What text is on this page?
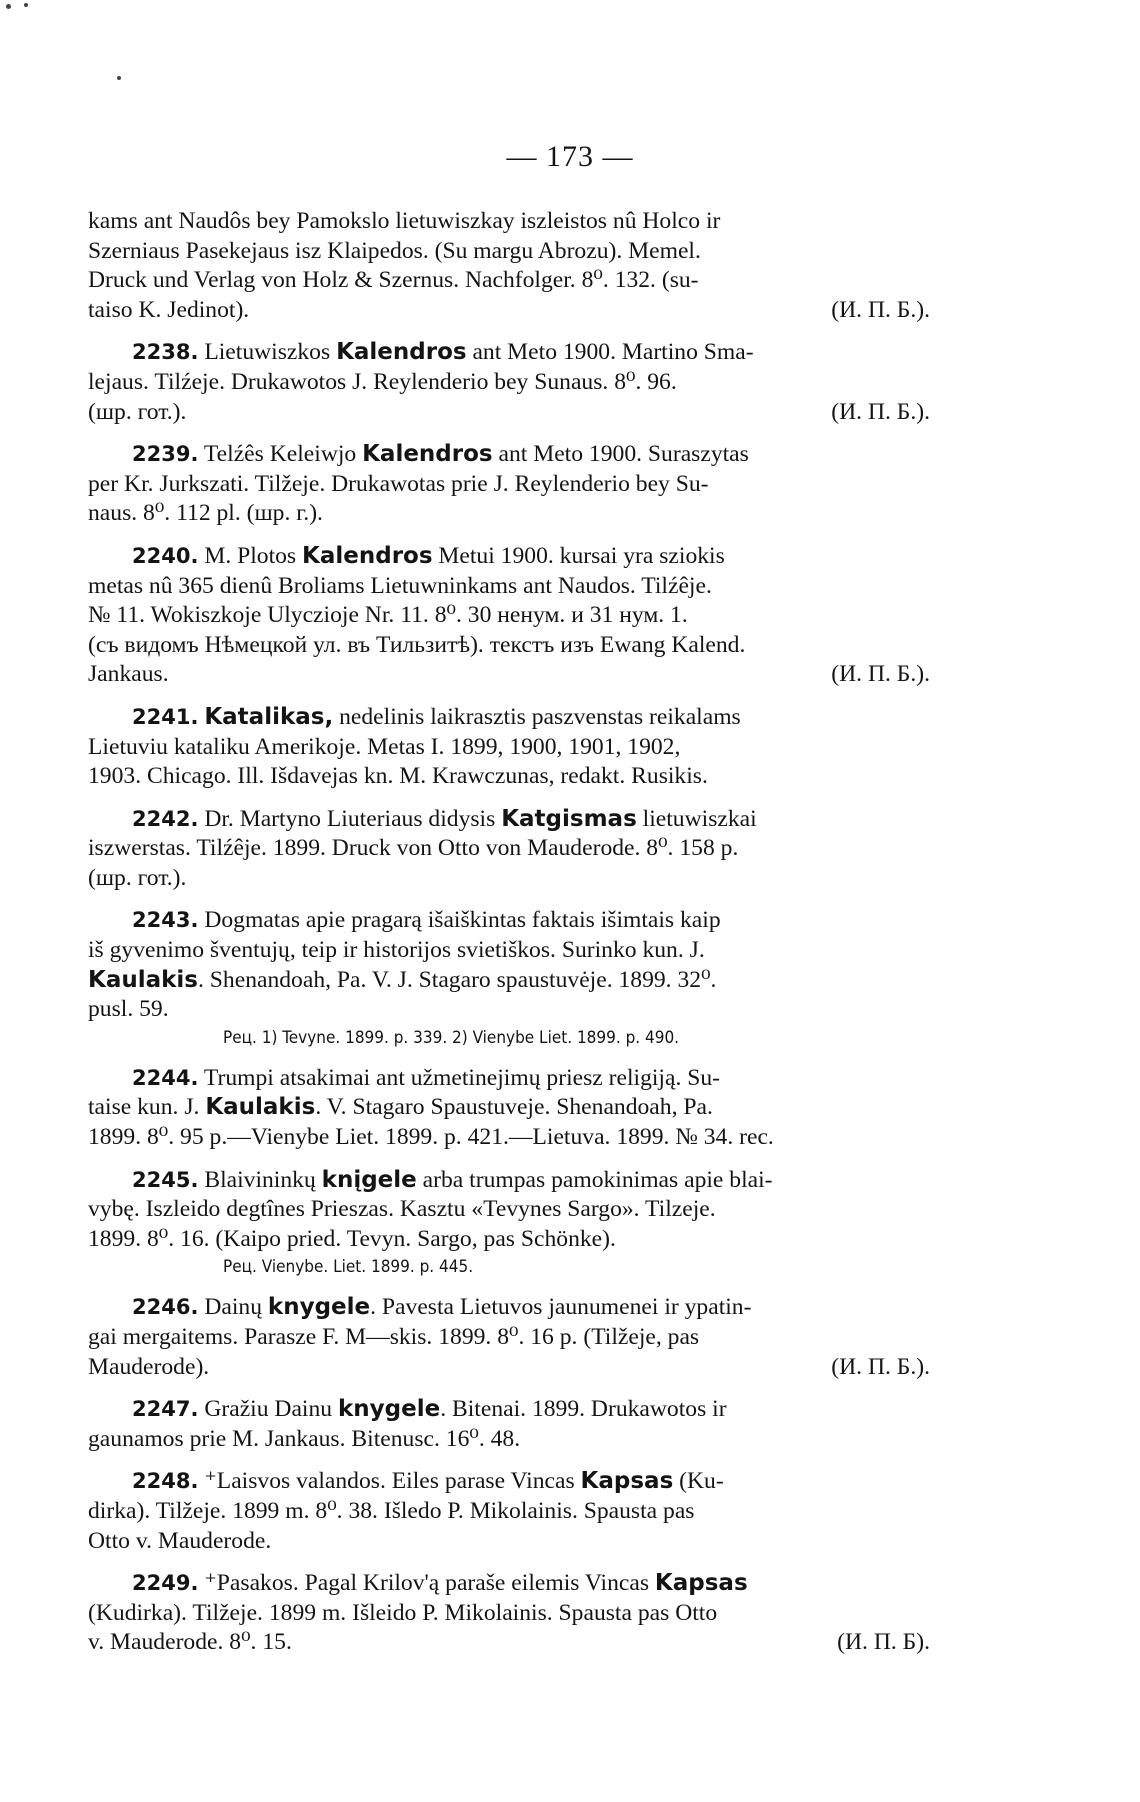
— 173 —
kams ant Naudôs bey Pamokslo lietuwiszkay iszleistos nû Holco ir
Szerniaus Pasekejaus isz Klaipedos. (Su margu Abrozu). Memel.
Druck und Verlag von Holz & Szernus. Nachfolger. 8⁰. 132. (su-
taiso K. Jedinot).	(И. П. Б.).
2238. Lietuwiszkos Kalendros ant Meto 1900. Martino Sma-
lejaus. Tilźeje. Drukawotos J. Reylenderio bey Sunaus. 8⁰. 96.
(шр. гот.).	(И. П. Б.).
2239. Telźês Keleiwjo Kalendros ant Meto 1900. Suraszytas
per Kr. Jurkszati. Tilžeje. Drukawotas prie J. Reylenderio bey Su-
naus. 8⁰. 112 pl. (шр. г.).
2240. M. Plotos Kalendros Metui 1900. kursai yra sziokis
metas nû 365 dienû Broliams Lietuwninkams ant Naudos. Tilźêje.
№ 11. Wokiszkoje Ulyczioje Nr. 11. 8⁰. 30 ненум. и 31 нум. 1.
(съ видомъ Нѣмецкой ул. въ Тильзитѣ). текстъ изъ Ewang Kalend.
Jankaus.	(И. П. Б.).
2241. Katalikas, nedelinis laikrasztis paszvenstas reikalams
Lietuviu kataliku Amerikoje. Metas I. 1899, 1900, 1901, 1902,
1903. Chicago. Ill. Išdavejas kn. M. Krawczunas, redakt. Rusikis.
2242. Dr. Martyno Liuteriaus didysis Katgismas lietuwiszkai
iszwerstas. Tilźêje. 1899. Druck von Otto von Mauderode. 8⁰. 158 p.
(шр. гот.).
2243. Dogmatas apie pragarą išaiškintas faktais išimtais kaip
iš gyvenimo šventujų, teip ir historijos svietiškos. Surinko kun. J.
Kaulakis. Shenandoah, Pa. V. J. Stagaro spaustuvėje. 1899. 32⁰.
pusl. 59.
Рец. 1) Tevyne. 1899. p. 339. 2) Vienybe Liet. 1899. p. 490.
2244. Trumpi atsakimai ant užmetinejimų priesz religiją. Su-
taise kun. J. Kaulakis. V. Stagaro Spaustuveje. Shenandoah, Pa.
1899. 8⁰. 95 p.—Vienybe Liet. 1899. p. 421.—Lietuva. 1899. № 34. rec.
2245. Blaivininkų knįgele arba trumpas pamokinimas apie blai-
vybę. Iszleido degtînes Prieszas. Kasztu «Tevynes Sargo». Tilzeje.
1899. 8⁰. 16. (Kaipo pried. Tevyn. Sargo, pas Schönke).
Рец. Vienybe. Liet. 1899. p. 445.
2246. Dainų knygele. Pavesta Lietuvos jaunumenei ir ypatin-
gai mergaitems. Parasze F. M—skis. 1899. 8⁰. 16 p. (Tilžeje, pas
Mauderode).	(И. П. Б.).
2247. Gražiu Dainu knygele. Bitenai. 1899. Drukawotos ir
gaunamos prie M. Jankaus. Bitenusc. 16⁰. 48.
2248. ⁺Laisvos valandos. Eiles parase Vincas Kapsas (Ku-
dirka). Tilžeje. 1899 m. 8⁰. 38. Išledo P. Mikolainis. Spausta pas
Otto v. Mauderode.
2249. ⁺Pasakos. Pagal Krilov'ą paraše eilemis Vincas Kapsas
(Kudirka). Tilžeje. 1899 m. Išleido P. Mikolainis. Spausta pas Otto
v. Mauderode. 8⁰. 15.	(И. П. Б).
